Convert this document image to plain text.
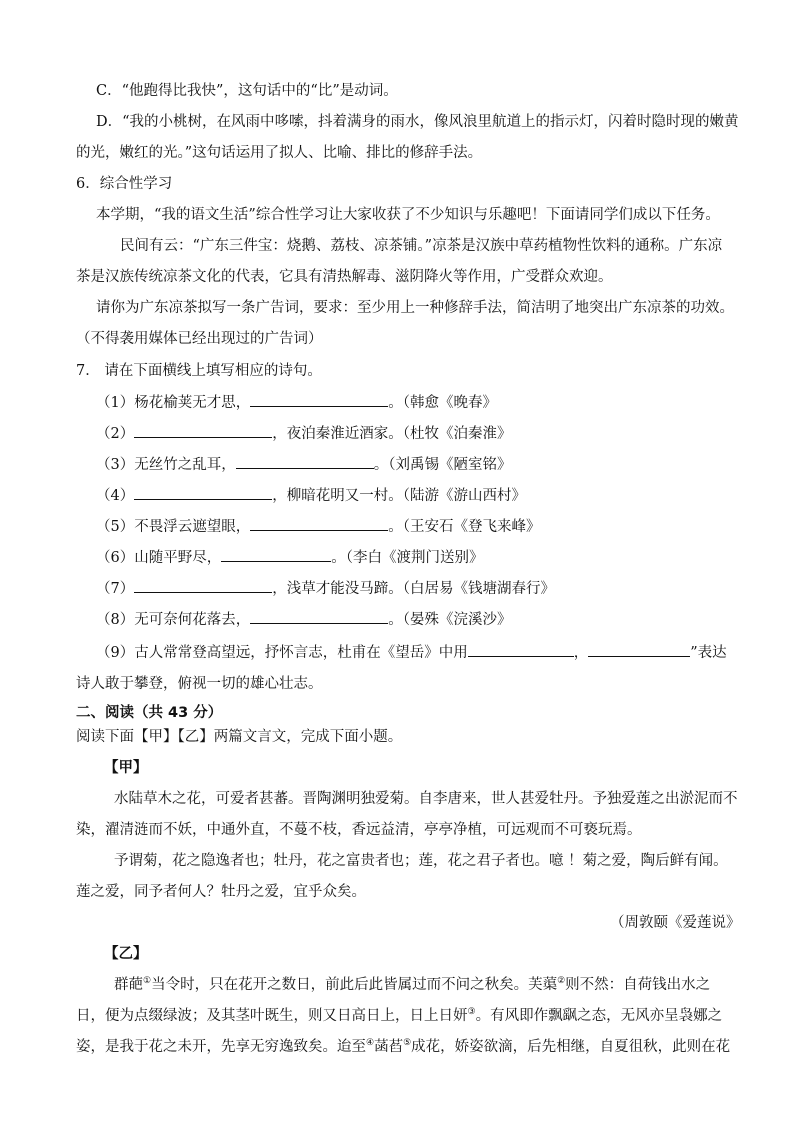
C．“他跑得比我快”，这句话中的“比”是动词。
D．“我的小桃树，在风雨中哆嗦，抖着满身的雨水，像风浪里航道上的指示灯，闪着时隐时现的嫩黄
的光，嫩红的光。”这句话运用了拟人、比喻、排比的修辞手法。
6．综合性学习
本学期，“我的语文生活”综合性学习让大家收获了不少知识与乐趣吧！下面请同学们成以下任务。
民间有云：“广东三件宝：烧鹅、荔枝、凉茶铺。”凉茶是汉族中草药植物性饮料的通称。广东凉
茶是汉族传统凉茶文化的代表，它具有清热解毒、滋阴降火等作用，广受群众欢迎。
请你为广东凉茶拟写一条广告词，要求：至少用上一种修辞手法，简洁明了地突出广东凉茶的功效。
（不得袭用媒体已经出现过的广告词）
7． 请在下面横线上填写相应的诗句。
（1）杨花榆荚无才思，	。（韩愈《晚春》
（2）	，夜泊秦淮近酒家。（杜牧《泊秦淮》
（3）无丝竹之乱耳，	。（刘禹锡《陋室铭》
（4）	，柳暗花明又一村。（陆游《游山西村》
（5）不畏浮云遮望眼，	。（王安石《登飞来峰》
（6）山随平野尽，	。（李白《渡荆门送别》
（7）	，浅草才能没马蹄。（白居易《钱塘湖春行》
（8）无可奈何花落去，	。（晏殊《浣溪沙》
（9）古人常常登高望远，抒怀言志，杜甫在《望岳》中用	，	”表达
诗人敢于攀登，俯视一切的雄心壮志。
二、阅读（共 43 分）
阅读下面【甲】【乙】两篇文言文，完成下面小题。
【甲】
水陆草木之花，可爱者甚蕃。晋陶渊明独爱菊。自李唐来，世人甚爱牡丹。予独爱莲之出淤泥而不
染，濯清涟而不妖，中通外直，不蔓不枝，香远益清，亭亭净植，可远观而不可亵玩焉。
予谓菊，花之隐逸者也；牡丹，花之富贵者也；莲，花之君子者也。噫 ！菊之爱，陶后鲜有闻。
莲之爱，同予者何人？牡丹之爱，宜乎众矣。
（周敦颐《爱莲说》
【乙】
群葩①当令时，只在花开之数日，前此后此皆属过而不问之秋矣。芙蕖②则不然：自荷钱出水之
日，便为点缀绿波；及其茎叶既生，则又日高日上，日上日妍③。有风即作飘飖之态，无风亦呈袅娜之
姿，是我于花之未开，先享无穷逸致矣。迨至④菡萏⑤成花，娇姿欲滴，后先相继，自夏徂秋，此则在花
